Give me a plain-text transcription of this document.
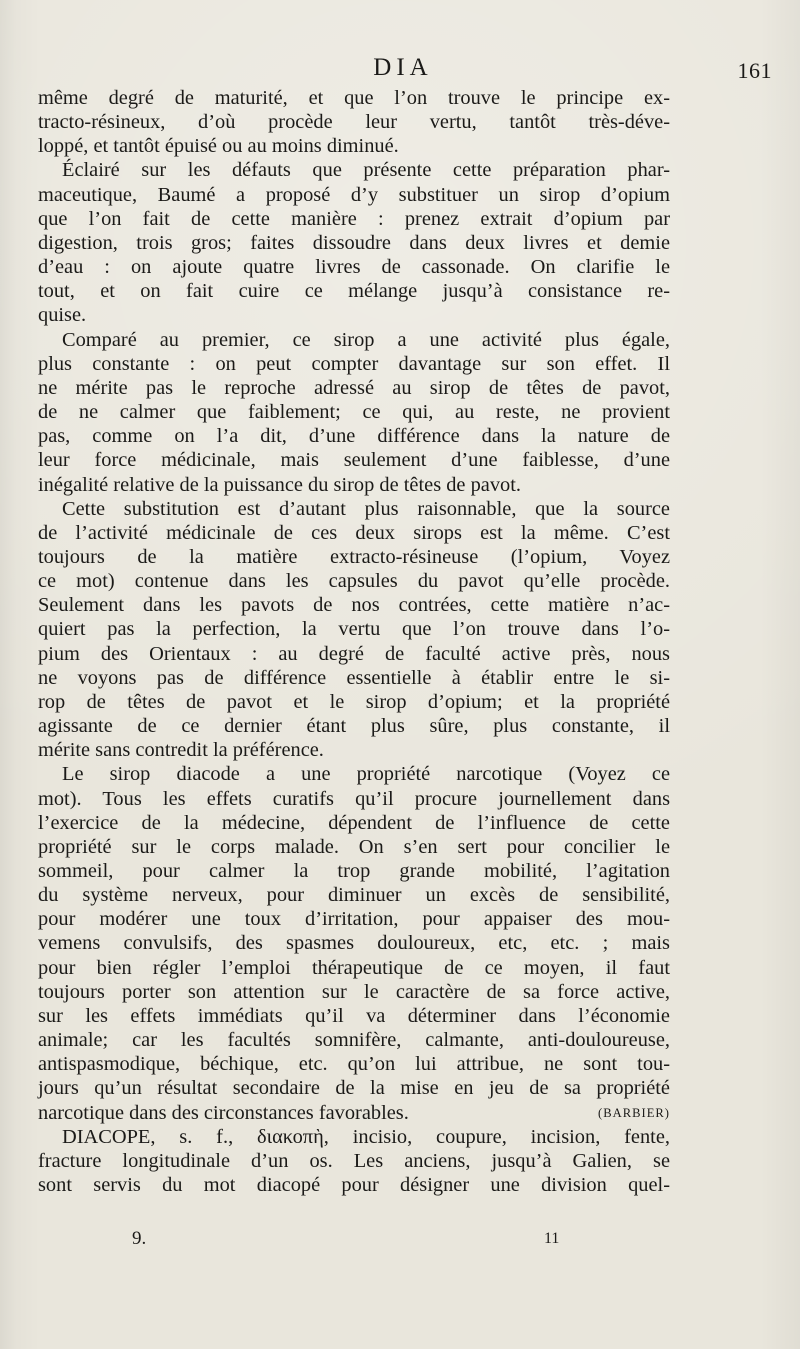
DIA	161
même degré de maturité, et que l’on trouve le principe ex-
tracto-résineux, d’où procède leur vertu, tantôt très-déve-
loppé, et tantôt épuisé ou au moins diminué.
Éclairé sur les défauts que présente cette préparation phar-
maceutique, Baumé a proposé d’y substituer un sirop d’opium
que l’on fait de cette manière : prenez extrait d’opium par
digestion, trois gros; faites dissoudre dans deux livres et demie
d’eau : on ajoute quatre livres de cassonade. On clarifie le
tout, et on fait cuire ce mélange jusqu’à consistance re-
quise.
Comparé au premier, ce sirop a une activité plus égale,
plus constante : on peut compter davantage sur son effet. Il
ne mérite pas le reproche adressé au sirop de têtes de pavot,
de ne calmer que faiblement; ce qui, au reste, ne provient
pas, comme on l’a dit, d’une différence dans la nature de
leur force médicinale, mais seulement d’une faiblesse, d’une
inégalité relative de la puissance du sirop de têtes de pavot.
Cette substitution est d’autant plus raisonnable, que la source
de l’activité médicinale de ces deux sirops est la même. C’est
toujours de la matière extracto-résineuse (l’opium, Voyez
ce mot) contenue dans les capsules du pavot qu’elle procède.
Seulement dans les pavots de nos contrées, cette matière n’ac-
quiert pas la perfection, la vertu que l’on trouve dans l’o-
pium des Orientaux : au degré de faculté active près, nous
ne voyons pas de différence essentielle à établir entre le si-
rop de têtes de pavot et le sirop d’opium; et la propriété
agissante de ce dernier étant plus sûre, plus constante, il
mérite sans contredit la préférence.
Le sirop diacode a une propriété narcotique (Voyez ce
mot). Tous les effets curatifs qu’il procure journellement dans
l’exercice de la médecine, dépendent de l’influence de cette
propriété sur le corps malade. On s’en sert pour concilier le
sommeil, pour calmer la trop grande mobilité, l’agitation
du système nerveux, pour diminuer un excès de sensibilité,
pour modérer une toux d’irritation, pour appaiser des mou-
vemens convulsifs, des spasmes douloureux, etc, etc. ; mais
pour bien régler l’emploi thérapeutique de ce moyen, il faut
toujours porter son attention sur le caractère de sa force active,
sur les effets immédiats qu’il va déterminer dans l’économie
animale; car les facultés somnifère, calmante, anti-douloureuse,
antispasmodique, béchique, etc. qu’on lui attribue, ne sont tou-
jours qu’un résultat secondaire de la mise en jeu de sa propriété
narcotique dans des circonstances favorables.	(BARBIER)
DIACOPE, s. f., διακοπὴ, incisio, coupure, incision, fente,
fracture longitudinale d’un os. Les anciens, jusqu’à Galien, se
sont servis du mot diacopé pour désigner une division quel-
9.	11
